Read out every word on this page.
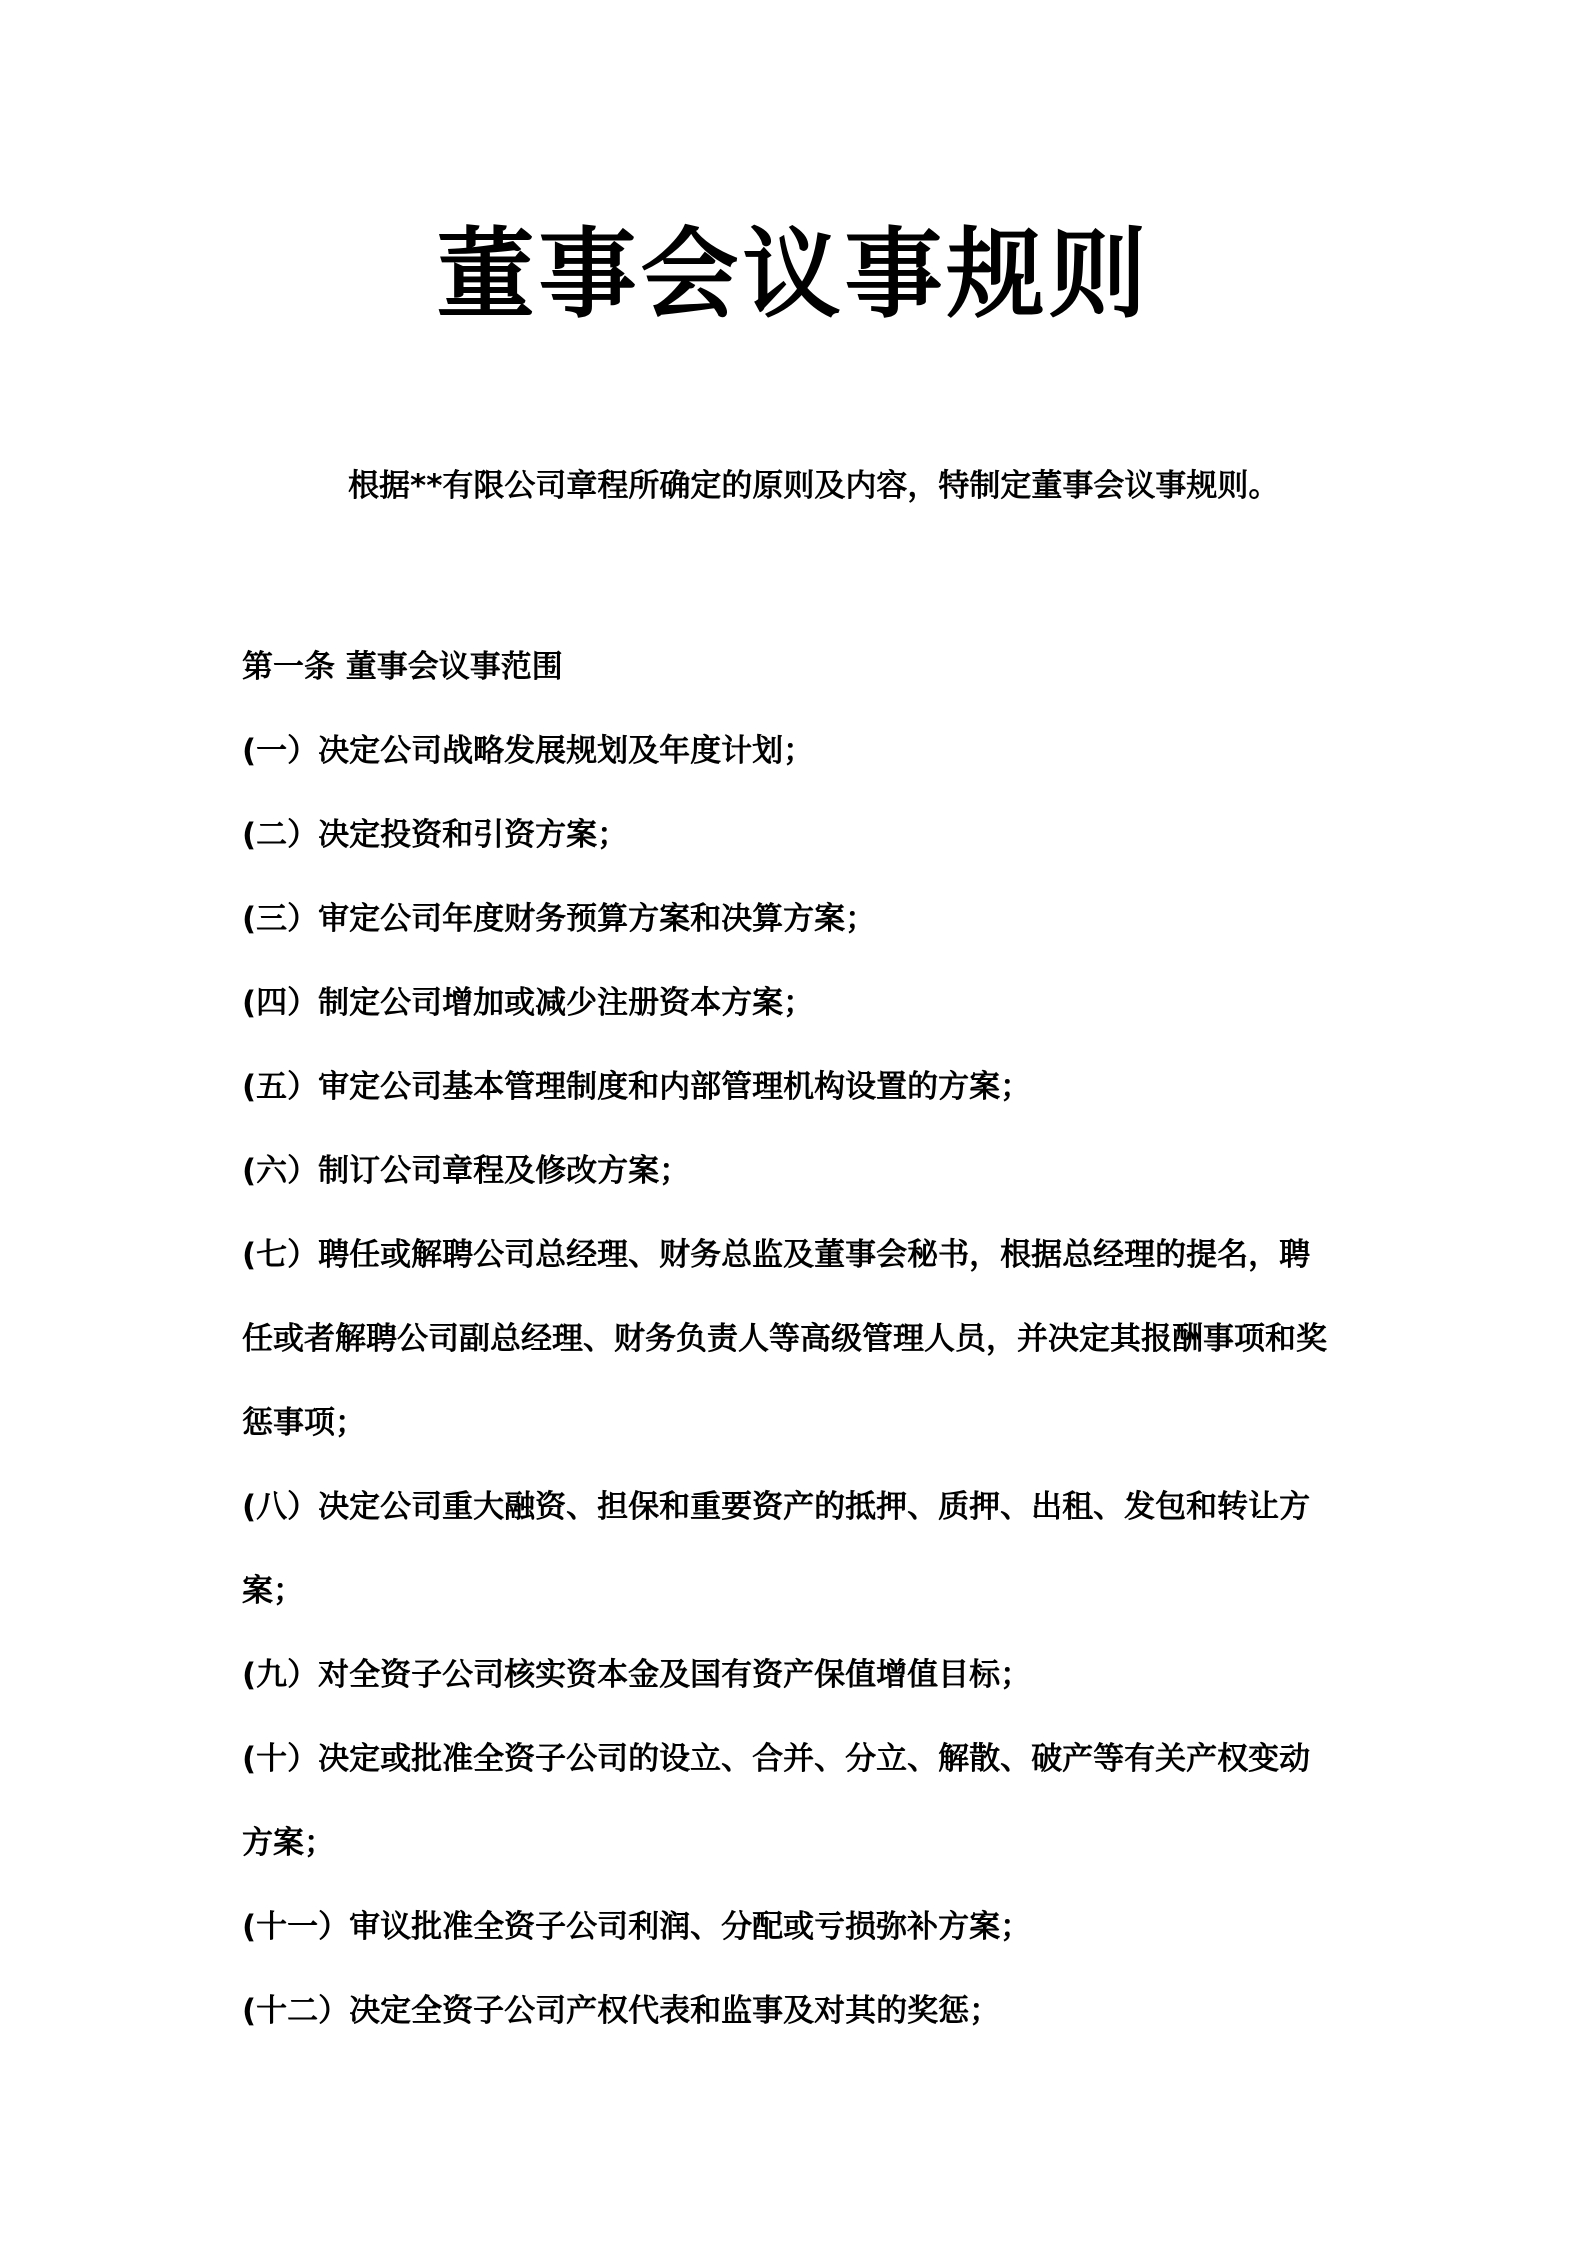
董事会议事规则

根据**有限公司章程所确定的原则及内容，特制定董事会议事规则。

第一条 董事会议事范围
(一）决定公司战略发展规划及年度计划；
(二）决定投资和引资方案；
(三）审定公司年度财务预算方案和决算方案；
(四）制定公司增加或减少注册资本方案；
(五）审定公司基本管理制度和内部管理机构设置的方案；
(六）制订公司章程及修改方案；
(七）聘任或解聘公司总经理、财务总监及董事会秘书，根据总经理的提名，聘
任或者解聘公司副总经理、财务负责人等高级管理人员，并决定其报酬事项和奖
惩事项；
(八）决定公司重大融资、担保和重要资产的抵押、质押、出租、发包和转让方
案；
(九）对全资子公司核实资本金及国有资产保值增值目标；
(十）决定或批准全资子公司的设立、合并、分立、解散、破产等有关产权变动
方案；
(十一）审议批准全资子公司利润、分配或亏损弥补方案；
(十二）决定全资子公司产权代表和监事及对其的奖惩；
